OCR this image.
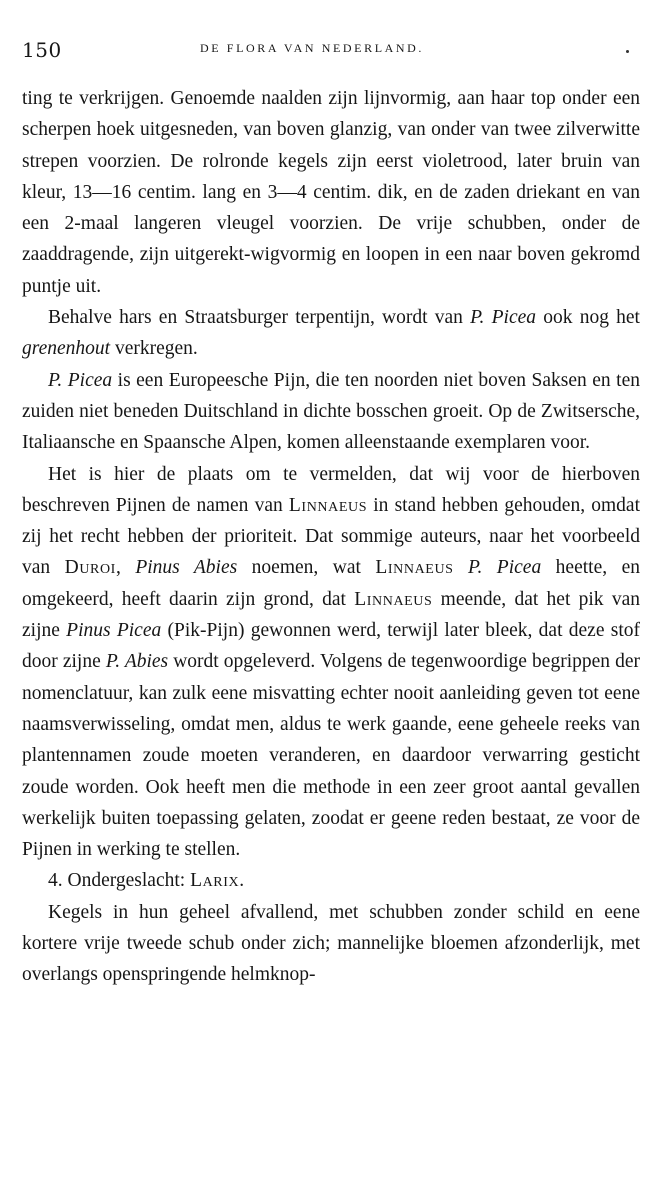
150	DE FLORA VAN NEDERLAND.

ting te verkrijgen. Genoemde naalden zijn lijnvormig, aan haar top onder een scherpen hoek uitgesneden, van boven glanzig, van onder van twee zilverwitte strepen voorzien. De rolronde kegels zijn eerst violetrood, later bruin van kleur, 13—16 centim. lang en 3—4 centim. dik, en de zaden driekant en van een 2-maal langeren vleugel voorzien. De vrije schubben, onder de zaaddragende, zijn uitgerekt-wigvormig en loopen in een naar boven gekromd puntje uit.

Behalve hars en Straatsburger terpentijn, wordt van P. Picea ook nog het grenenhout verkregen.

P. Picea is een Europeesche Pijn, die ten noorden niet boven Saksen en ten zuiden niet beneden Duitschland in dichte bosschen groeit. Op de Zwitsersche, Italiaansche en Spaansche Alpen, komen alleenstaande exemplaren voor.

Het is hier de plaats om te vermelden, dat wij voor de hierboven beschreven Pijnen de namen van Linnaeus in stand hebben gehouden, omdat zij het recht hebben der prioriteit. Dat sommige auteurs, naar het voorbeeld van Duroi, Pinus Abies noemen, wat Linnaeus P. Picea heette, en omgekeerd, heeft daarin zijn grond, dat Linnaeus meende, dat het pik van zijne Pinus Picea (Pik-Pijn) gewonnen werd, terwijl later bleek, dat deze stof door zijne P. Abies wordt opgeleverd. Volgens de tegenwoordige begrippen der nomenclatuur, kan zulk eene misvatting echter nooit aanleiding geven tot eene naamsverwisseling, omdat men, aldus te werk gaande, eene geheele reeks van plantennamen zoude moeten veranderen, en daardoor verwarring gesticht zoude worden. Ook heeft men die methode in een zeer groot aantal gevallen werkelijk buiten toepassing gelaten, zoodat er geene reden bestaat, ze voor de Pijnen in werking te stellen.

4. Ondergeslacht: Larix.

Kegels in hun geheel afvallend, met schubben zonder schild en eene kortere vrije tweede schub onder zich; mannelijke bloemen afzonderlijk, met overlangs openspringende helmknop-
